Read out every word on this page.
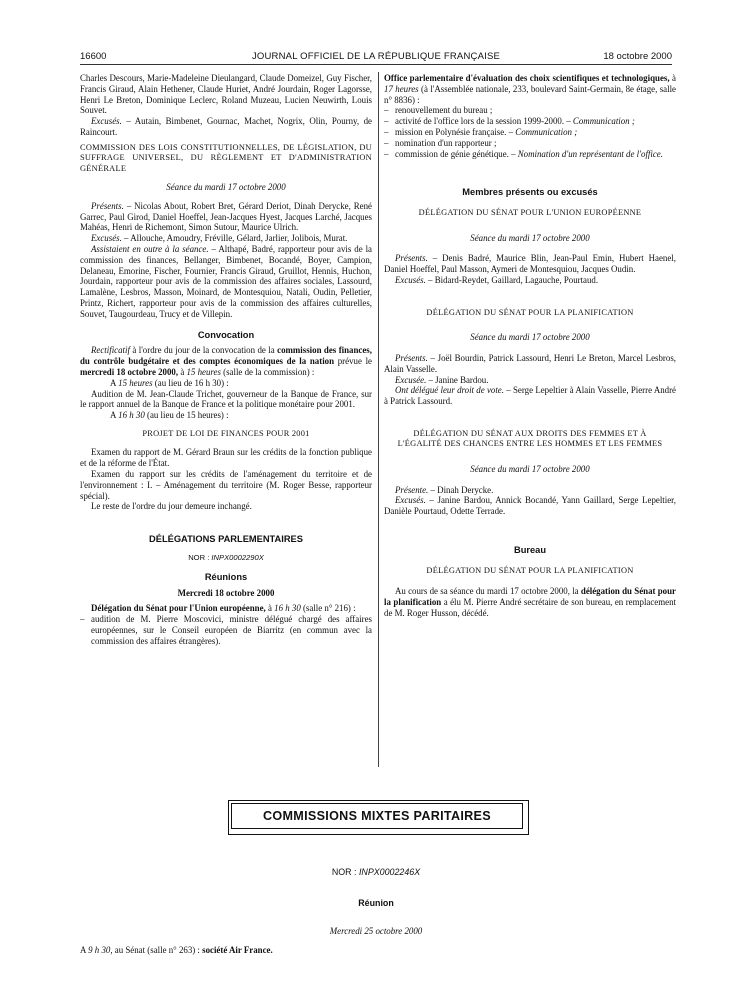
16600	JOURNAL OFFICIEL DE LA RÉPUBLIQUE FRANÇAISE	18 octobre 2000

Charles Descours, Marie-Madeleine Dieulangard, Claude Domeizel, Guy Fischer, Francis Giraud, Alain Hethener, Claude Huriet, André Jourdain, Roger Lagorsse, Henri Le Breton, Dominique Leclerc, Roland Muzeau, Lucien Neuwirth, Louis Souvet.

Excusés. – Autain, Bimbenet, Gournac, Machet, Nogrix, Olin, Pourny, de Raincourt.

COMMISSION DES LOIS CONSTITUTIONNELLES, DE LÉGISLATION, DU SUFFRAGE UNIVERSEL, DU RÈGLEMENT ET D'ADMINISTRATION GÉNÉRALE

Séance du mardi 17 octobre 2000

Présents. – Nicolas About, Robert Bret, Gérard Deriot, Dinah Derycke, René Garrec, Paul Girod, Daniel Hoeffel, Jean-Jacques Hyest, Jacques Larché, Jacques Mahéas, Henri de Richemont, Simon Sutour, Maurice Ulrich.

Excusés. – Allouche, Amoudry, Fréville, Gélard, Jarlier, Jolibois, Murat.

Assistaient en outre à la séance. – Althapé, Badré, rapporteur pour avis de la commission des finances, Bellanger, Bimbenet, Bocandé, Boyer, Campion, Delaneau, Emorine, Fischer, Fournier, Francis Giraud, Gruillot, Hennis, Huchon, Jourdain, rapporteur pour avis de la commission des affaires sociales, Lassourd, Lamalène, Lesbros, Masson, Moinard, de Montesquiou, Natali, Oudin, Pelletier, Printz, Richert, rapporteur pour avis de la commission des affaires culturelles, Souvet, Taugourdeau, Trucy et de Villepin.

Convocation

Rectificatif à l'ordre du jour de la convocation de la commission des finances, du contrôle budgétaire et des comptes économiques de la nation prévue le mercredi 18 octobre 2000, à 15 heures (salle de la commission) :

A 15 heures (au lieu de 16 h 30) :

Audition de M. Jean-Claude Trichet, gouverneur de la Banque de France, sur le rapport annuel de la Banque de France et la politique monétaire pour 2001.

A 16 h 30 (au lieu de 15 heures) :

PROJET DE LOI DE FINANCES POUR 2001

Examen du rapport de M. Gérard Braun sur les crédits de la fonction publique et de la réforme de l'État.

Examen du rapport sur les crédits de l'aménagement du territoire et de l'environnement : I. – Aménagement du territoire (M. Roger Besse, rapporteur spécial).

Le reste de l'ordre du jour demeure inchangé.

DÉLÉGATIONS PARLEMENTAIRES

NOR : INPX0002290X

Réunions

Mercredi 18 octobre 2000

Délégation du Sénat pour l'Union européenne, à 16 h 30 (salle n° 216) :

– audition de M. Pierre Moscovici, ministre délégué chargé des affaires européennes, sur le Conseil européen de Biarritz (en commun avec la commission des affaires étrangères).

Office parlementaire d'évaluation des choix scientifiques et technologiques, à 17 heures (à l'Assemblée nationale, 233, boulevard Saint-Germain, 8e étage, salle n° 8836) :

– renouvellement du bureau ;
– activité de l'office lors de la session 1999-2000. – Communication ;
– mission en Polynésie française. – Communication ;
– nomination d'un rapporteur ;
– commission de génie génétique. – Nomination d'un représentant de l'office.

Membres présents ou excusés

DÉLÉGATION DU SÉNAT POUR L'UNION EUROPÉENNE

Séance du mardi 17 octobre 2000

Présents. – Denis Badré, Maurice Blin, Jean-Paul Emin, Hubert Haenel, Daniel Hoeffel, Paul Masson, Aymeri de Montesquiou, Jacques Oudin.

Excusés. – Bidard-Reydet, Gaillard, Lagauche, Pourtaud.

DÉLÉGATION DU SÉNAT POUR LA PLANIFICATION

Séance du mardi 17 octobre 2000

Présents. – Joël Bourdin, Patrick Lassourd, Henri Le Breton, Marcel Lesbros, Alain Vasselle.

Excusée. – Janine Bardou.

Ont délégué leur droit de vote. – Serge Lepeltier à Alain Vasselle, Pierre André à Patrick Lassourd.

DÉLÉGATION DU SÉNAT AUX DROITS DES FEMMES ET À L'ÉGALITÉ DES CHANCES ENTRE LES HOMMES ET LES FEMMES

Séance du mardi 17 octobre 2000

Présente. – Dinah Derycke.

Excusés. – Janine Bardou, Annick Bocandé, Yann Gaillard, Serge Lepeltier, Danièle Pourtaud, Odette Terrade.

Bureau

DÉLÉGATION DU SÉNAT POUR LA PLANIFICATION

Au cours de sa séance du mardi 17 octobre 2000, la délégation du Sénat pour la planification a élu M. Pierre André secrétaire de son bureau, en remplacement de M. Roger Husson, décédé.

COMMISSIONS MIXTES PARITAIRES

NOR : INPX0002246X

Réunion

Mercredi 25 octobre 2000

A 9 h 30, au Sénat (salle n° 263) : société Air France.
